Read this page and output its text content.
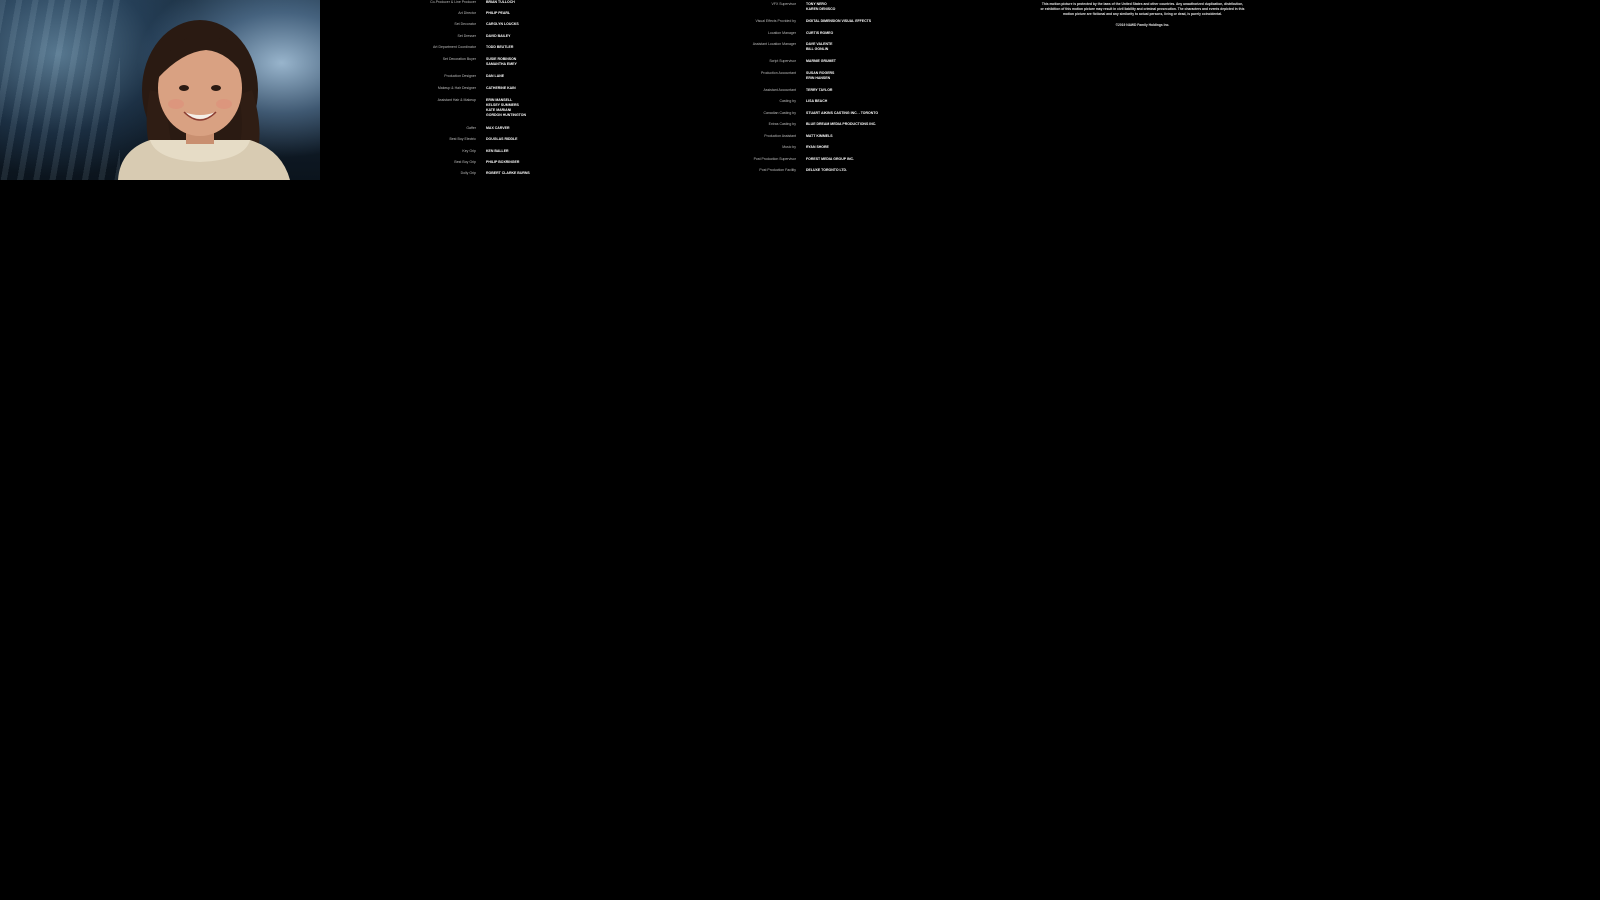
Co-Producer & Line Producer	BRIAN TULLOCH
Art Director	PHILIP PEARL
Set Decorator	CAROLYN LOUCKS
Set Dresser	DAVID BAILEY
Art Department Coordinator	TODD BEUTLER
Set Decoration Buyer	SUSIE ROBINSON
SAMANTHA EMEY
Production Designer	DAN LANE
Makeup & Hair Designer	CATHERINE KAIN
Assistant Hair & Makeup	ERIN MANSELL
KELSEY SUMMERS
KATE MARIANI
GORDON HUNTINGTON
Gaffer	MAX CARVER
Best Boy Electric	DOUGLAS RIDDLE
Key Grip	KEN BALLER
Best Boy Grip	PHILIP BOXRINGER
Dolly Grip	ROBERT CLARKE BURNS
VFX Supervisor	TONY NERO
KAREN DENISCO
Visual Effects Provided by	DIGITAL DIMENSION VISUAL EFFECTS
Location Manager	CURTIS ROMEO
Assistant Location Manager	DAVE VALENTE
BILL GONLIN
Script Supervisor	MARNIE GRUMET
Production Accountant	SUSAN ROGERS
ERIN HANSEN
Assistant Accountant	TERRY TAYLOR
Casting by	LISA BEACH
Canadian Casting by	STUART AIKINS CASTING INC. - TORONTO
Extras Casting by	BLUE DREAM MEDIA PRODUCTIONS INC.
Production Assistant	MATT KIMMELS
Music by	RYAN SHORE
Post Production Supervisor	FOREST MEDIA GROUP INC.
Post Production Facility	DELUXE TORONTO LTD.
This motion picture is protected by the laws of the United States and other countries. Any unauthorized duplication, distribution, or exhibition of this motion picture may result in civil liability and criminal prosecution. The characters and events depicted in this motion picture are fictional and any similarity to actual persons, living or dead, is purely coincidental.
©2019 NAWD Family Holdings Inc.
